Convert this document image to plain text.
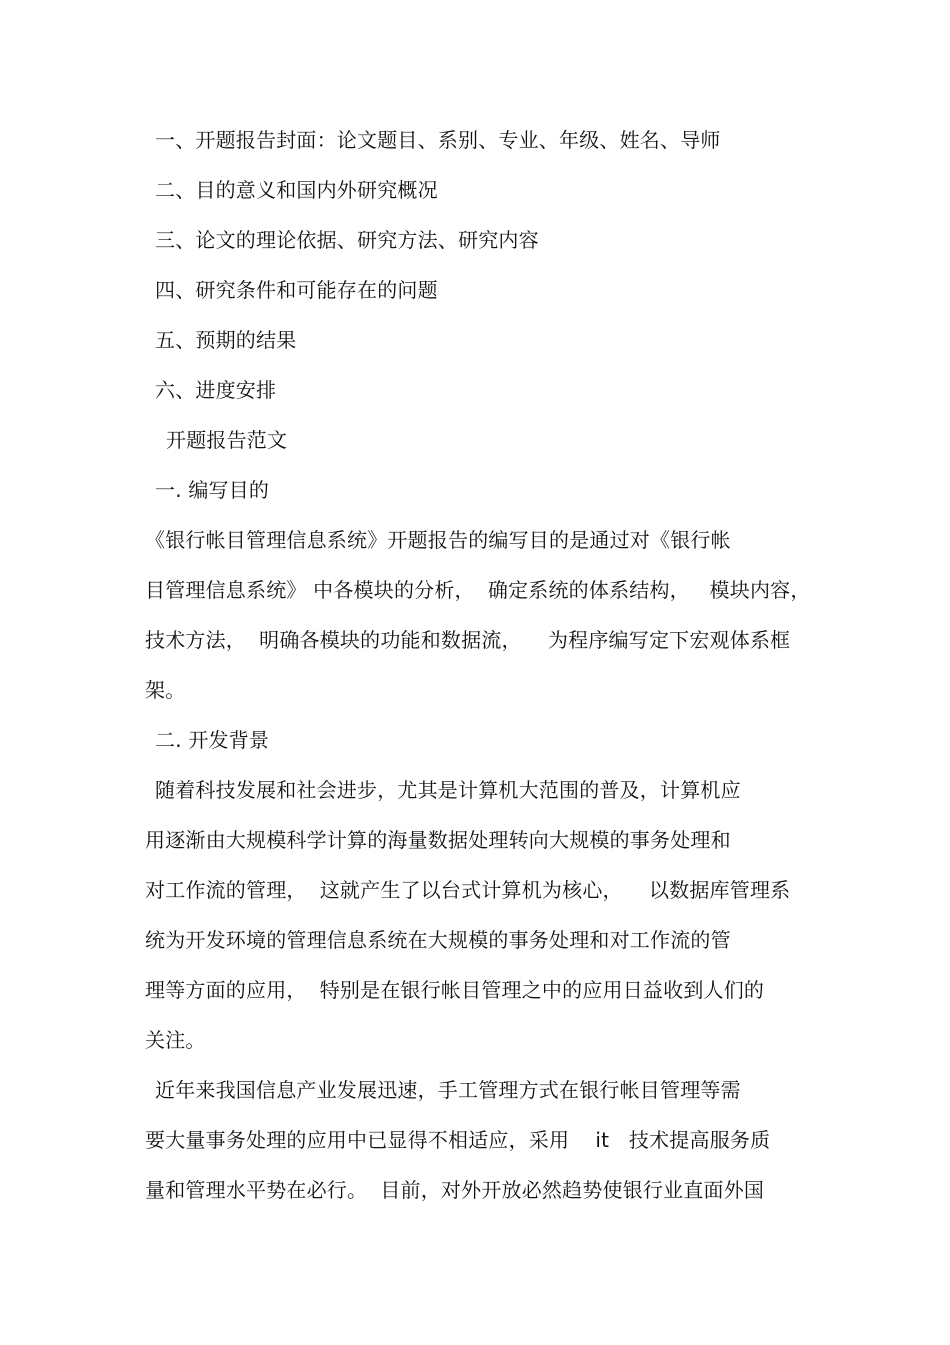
一、开题报告封面：论文题目、系别、专业、年级、姓名、导师
二、目的意义和国内外研究概况
三、论文的理论依据、研究方法、研究内容
四、研究条件和可能存在的问题
五、预期的结果
六、进度安排
开题报告范文
一. 编写目的
《银行帐目管理信息系统》开题报告的编写目的是通过对《银行帐
目管理信息系统》 中各模块的分析，  确定系统的体系结构，   模块内容，
技术方法，  明确各模块的功能和数据流，    为程序编写定下宏观体系框
架。
二. 开发背景
随着科技发展和社会进步，尤其是计算机大范围的普及，计算机应
用逐渐由大规模科学计算的海量数据处理转向大规模的事务处理和
对工作流的管理，  这就产生了以台式计算机为核心，    以数据库管理系
统为开发环境的管理信息系统在大规模的事务处理和对工作流的管
理等方面的应用，  特别是在银行帐目管理之中的应用日益收到人们的
关注。
近年来我国信息产业发展迅速，手工管理方式在银行帐目管理等需
要大量事务处理的应用中已显得不相适应，采用    it   技术提高服务质
量和管理水平势在必行。  目前，对外开放必然趋势使银行业直面外国
